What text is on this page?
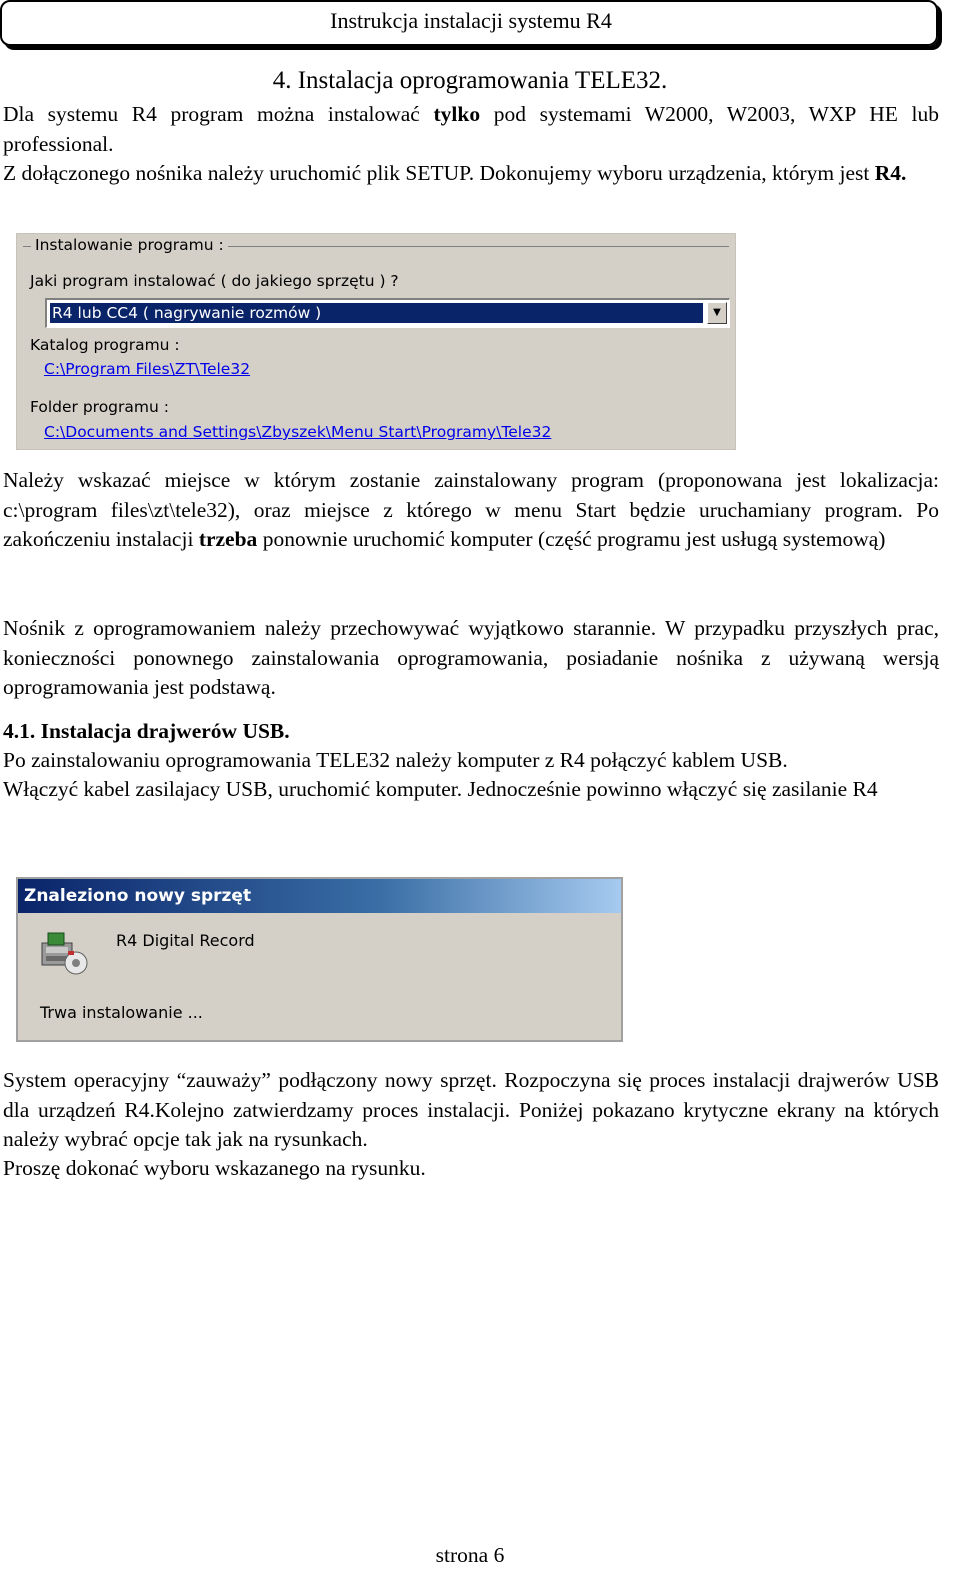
Instrukcja instalacji systemu R4
4. Instalacja oprogramowania TELE32.

Dla systemu R4 program można instalować tylko pod systemami W2000, W2003, WXP HE lub professional.

Z dołączonego nośnika należy uruchomić plik SETUP. Dokonujemy wyboru urządzenia, którym jest R4.

Instalowanie programu :
Jaki program instalować ( do jakiego sprzętu ) ?
R4 lub CC4 ( nagrywanie rozmów )	▼
Katalog programu :
C:\Program Files\ZT\Tele32
Folder programu :
C:\Documents and Settings\Zbyszek\Menu Start\Programy\Tele32

Należy wskazać miejsce w którym zostanie zainstalowany program (proponowana jest lokalizacja: c:\program files\zt\tele32), oraz miejsce z którego w menu Start będzie uruchamiany program. Po zakończeniu instalacji trzeba ponownie uruchomić komputer (część programu jest usługą systemową)

Nośnik z oprogramowaniem należy przechowywać wyjątkowo starannie. W przypadku przyszłych prac, konieczności ponownego zainstalowania oprogramowania, posiadanie nośnika z używaną wersją oprogramowania jest podstawą.

4.1. Instalacja drajwerów USB.

Po zainstalowaniu oprogramowania TELE32 należy komputer z R4 połączyć kablem USB.

Włączyć kabel zasilajacy USB, uruchomić komputer. Jednocześnie powinno włączyć się zasilanie R4

Znaleziono nowy sprzęt
R4 Digital Record
Trwa instalowanie ...

System operacyjny “zauważy” podłączony nowy sprzęt. Rozpoczyna się proces instalacji drajwerów USB dla urządzeń R4.Kolejno zatwierdzamy proces instalacji. Poniżej pokazano krytyczne ekrany na których należy wybrać opcje tak jak na rysunkach.

Proszę dokonać wyboru wskazanego na rysunku.

strona 6
